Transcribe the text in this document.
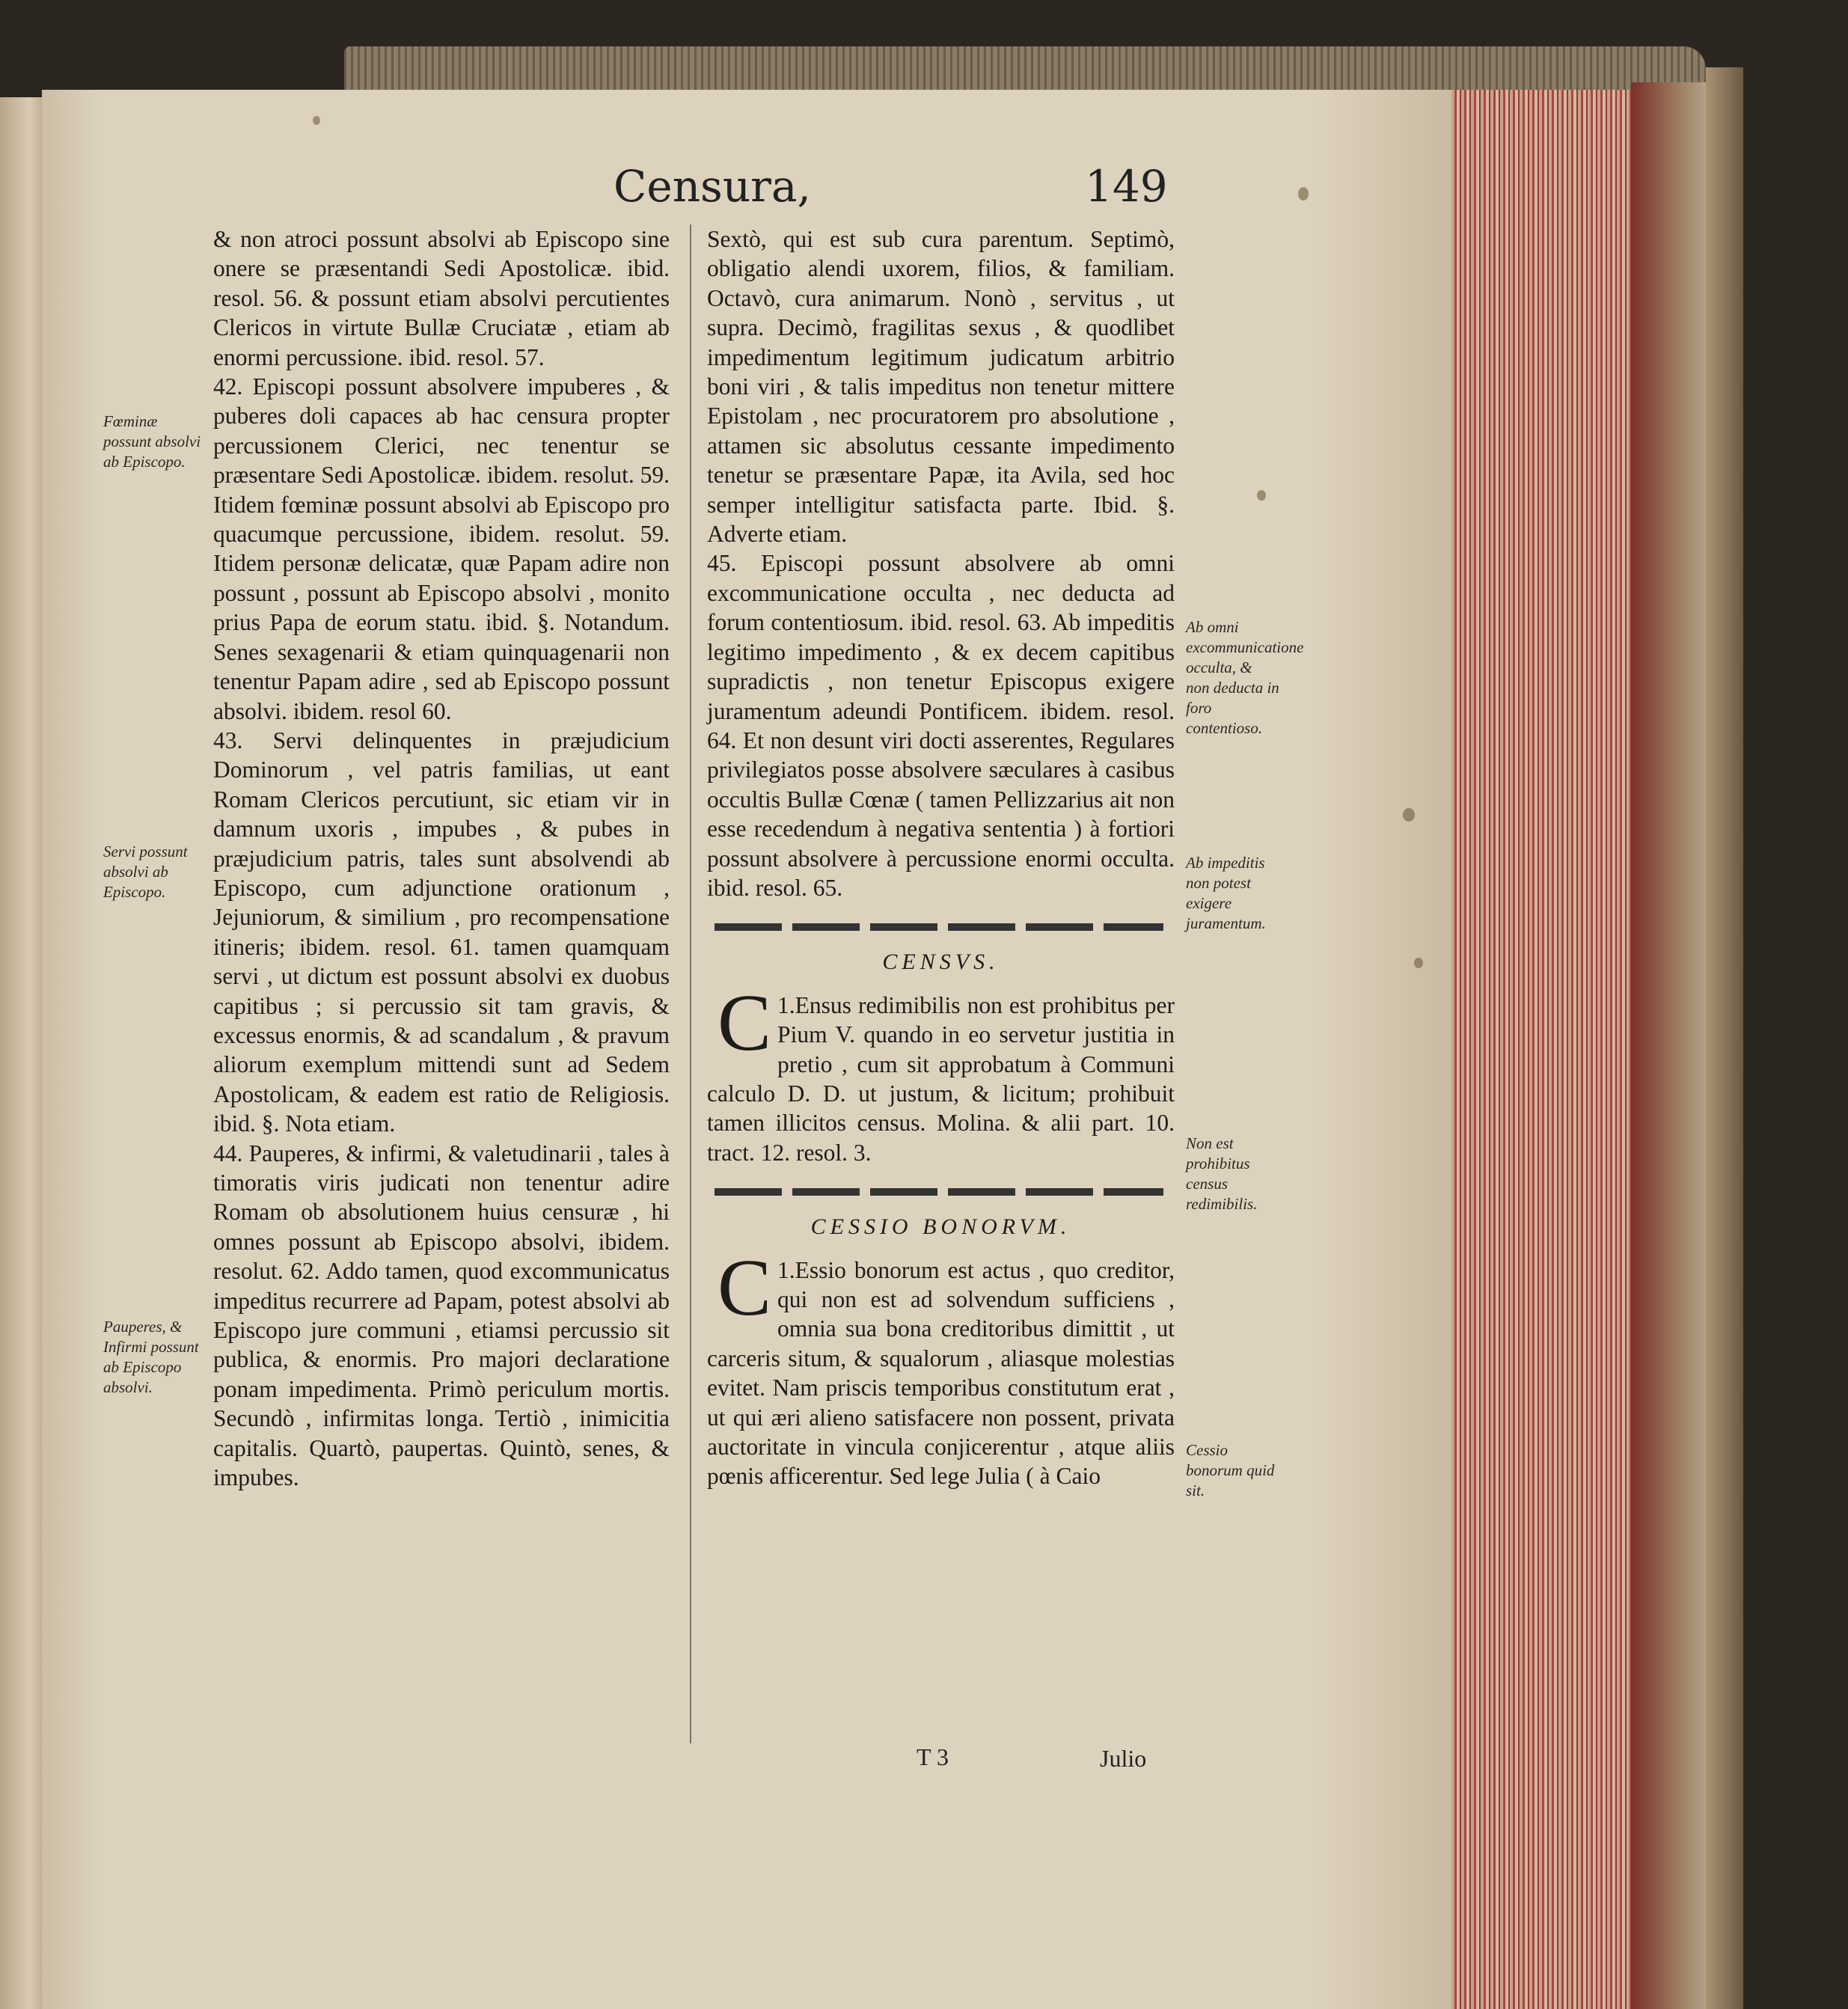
Censura,	149

& non atroci possunt absolvi ab Episcopo sine onere se præsentandi Sedi Apostolicæ. ibid. resol. 56. & possunt etiam absolvi percutientes Clericos in virtute Bullæ Cruciatæ , etiam ab enormi percussione. ibid. resol. 57.

42. Episcopi possunt absolvere impuberes , & puberes doli capaces ab hac censura propter percussionem Clerici, nec tenentur se præsentare Sedi Apostolicæ. ibidem. resolut. 59. Itidem fœminæ possunt absolvi ab Episcopo pro quacumque percussione, ibidem. resolut. 59. Itidem personæ delicatæ, quæ Papam adire non possunt , possunt ab Episcopo absolvi , monito prius Papa de eorum statu. ibid. §. Notandum. Senes sexagenarii & etiam quinquagenarii non tenentur Papam adire , sed ab Episcopo possunt absolvi. ibidem. resol 60.

43. Servi delinquentes in præjudicium Dominorum , vel patris familias, ut eant Romam Clericos percutiunt, sic etiam vir in damnum uxoris , impubes , & pubes in præjudicium patris, tales sunt absolvendi ab Episcopo, cum adjunctione orationum , Jejuniorum, & similium , pro recompensatione itineris; ibidem. resol. 61. tamen quamquam servi , ut dictum est possunt absolvi ex duobus capitibus ; si percussio sit tam gravis, & excessus enormis, & ad scandalum , & pravum aliorum exemplum mittendi sunt ad Sedem Apostolicam, & eadem est ratio de Religiosis. ibid. §. Nota etiam.

44. Pauperes, & infirmi, & valetudinarii , tales à timoratis viris judicati non tenentur adire Romam ob absolutionem huius censuræ , hi omnes possunt ab Episcopo absolvi, ibidem. resolut. 62. Addo tamen, quod excommunicatus impeditus recurrere ad Papam, potest absolvi ab Episcopo jure communi , etiamsi percussio sit publica, & enormis. Pro majori declaratione ponam impedimenta. Primò periculum mortis. Secundò , infirmitas longa. Tertiò , inimicitia capitalis. Quartò, paupertas. Quintò, senes, & impubes.

Sextò, qui est sub cura parentum. Septimò, obligatio alendi uxorem, filios, & familiam. Octavò, cura animarum. Nonò , servitus , ut supra. Decimò, fragilitas sexus , & quodlibet impedimentum legitimum judicatum arbitrio boni viri , & talis impeditus non tenetur mittere Epistolam , nec procuratorem pro absolutione , attamen sic absolutus cessante impedimento tenetur se præsentare Papæ, ita Avila, sed hoc semper intelligitur satisfacta parte. Ibid. §. Adverte etiam.

45. Episcopi possunt absolvere ab omni excommunicatione occulta , nec deducta ad forum contentiosum. ibid. resol. 63. Ab impeditis legitimo impedimento , & ex decem capitibus supradictis , non tenetur Episcopus exigere juramentum adeundi Pontificem. ibidem. resol. 64. Et non desunt viri docti asserentes, Regulares privilegiatos posse absolvere sæculares à casibus occultis Bullæ Cœnæ ( tamen Pellizzarius ait non esse recedendum à negativa sententia ) à fortiori possunt absolvere à percussione enormi occulta. ibid. resol. 65.

CENSVS.

1.
C Ensus redimibilis non est prohibitus per Pium V. quando in eo servetur justitia in pretio , cum sit approbatum à Communi calculo D. D. ut justum, & licitum; prohibuit tamen illicitos census. Molina. & alii part. 10. tract. 12. resol. 3.

CESSIO BONORVM.

1.
C Essio bonorum est actus , quo creditor, qui non est ad solvendum sufficiens , omnia sua bona creditoribus dimittit , ut carceris situm, & squalorum , aliasque molestias evitet. Nam priscis temporibus constitutum erat , ut qui æri alieno satisfacere non possent, privata auctoritate in vincula conjicerentur , atque aliis pœnis afficerentur. Sed lege Julia ( à Caio

Fœminæ possunt absolvi ab Episcopo.
Servi possunt absolvi ab Episcopo.
Pauperes, & Infirmi possunt ab Episcopo absolvi.
Ab omni excommunicatione occulta, & non deducta in foro contentioso.
Ab impeditis non potest exigere juramentum.
Non est prohibitus census redimibilis.
Cessio bonorum quid sit.
T 3	Julio
